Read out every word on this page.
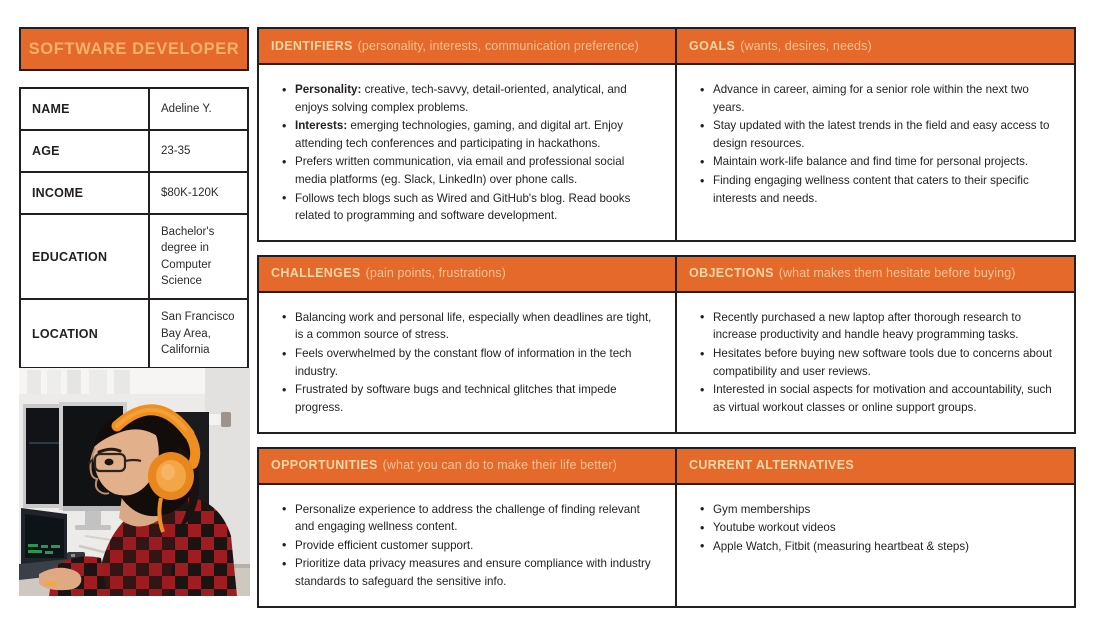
SOFTWARE DEVELOPER
NAME	Adeline Y.
AGE	23-35
INCOME	$80K-120K
EDUCATION	Bachelor's degree in Computer Science
LOCATION	San Francisco Bay Area, California
IDENTIFIERS (personality, interests, communication preference)
• Personality: creative, tech-savvy, detail-oriented, analytical, and enjoys solving complex problems.
• Interests: emerging technologies, gaming, and digital art. Enjoy attending tech conferences and participating in hackathons.
• Prefers written communication, via email and professional social media platforms (eg. Slack, LinkedIn) over phone calls.
• Follows tech blogs such as Wired and GitHub's blog. Read books related to programming and software development.
GOALS (wants, desires, needs)
• Advance in career, aiming for a senior role within the next two years.
• Stay updated with the latest trends in the field and easy access to design resources.
• Maintain work-life balance and find time for personal projects.
• Finding engaging wellness content that caters to their specific interests and needs.
CHALLENGES (pain points, frustrations)
• Balancing work and personal life, especially when deadlines are tight, is a common source of stress.
• Feels overwhelmed by the constant flow of information in the tech industry.
• Frustrated by software bugs and technical glitches that impede progress.
OBJECTIONS (what makes them hesitate before buying)
• Recently purchased a new laptop after thorough research to increase productivity and handle heavy programming tasks.
• Hesitates before buying new software tools due to concerns about compatibility and user reviews.
• Interested in social aspects for motivation and accountability, such as virtual workout classes or online support groups.
OPPORTUNITIES (what you can do to make their life better)
• Personalize experience to address the challenge of finding relevant and engaging wellness content.
• Provide efficient customer support.
• Prioritize data privacy measures and ensure compliance with industry standards to safeguard the sensitive info.
CURRENT ALTERNATIVES
• Gym memberships
• Youtube workout videos
• Apple Watch, Fitbit (measuring heartbeat & steps)
